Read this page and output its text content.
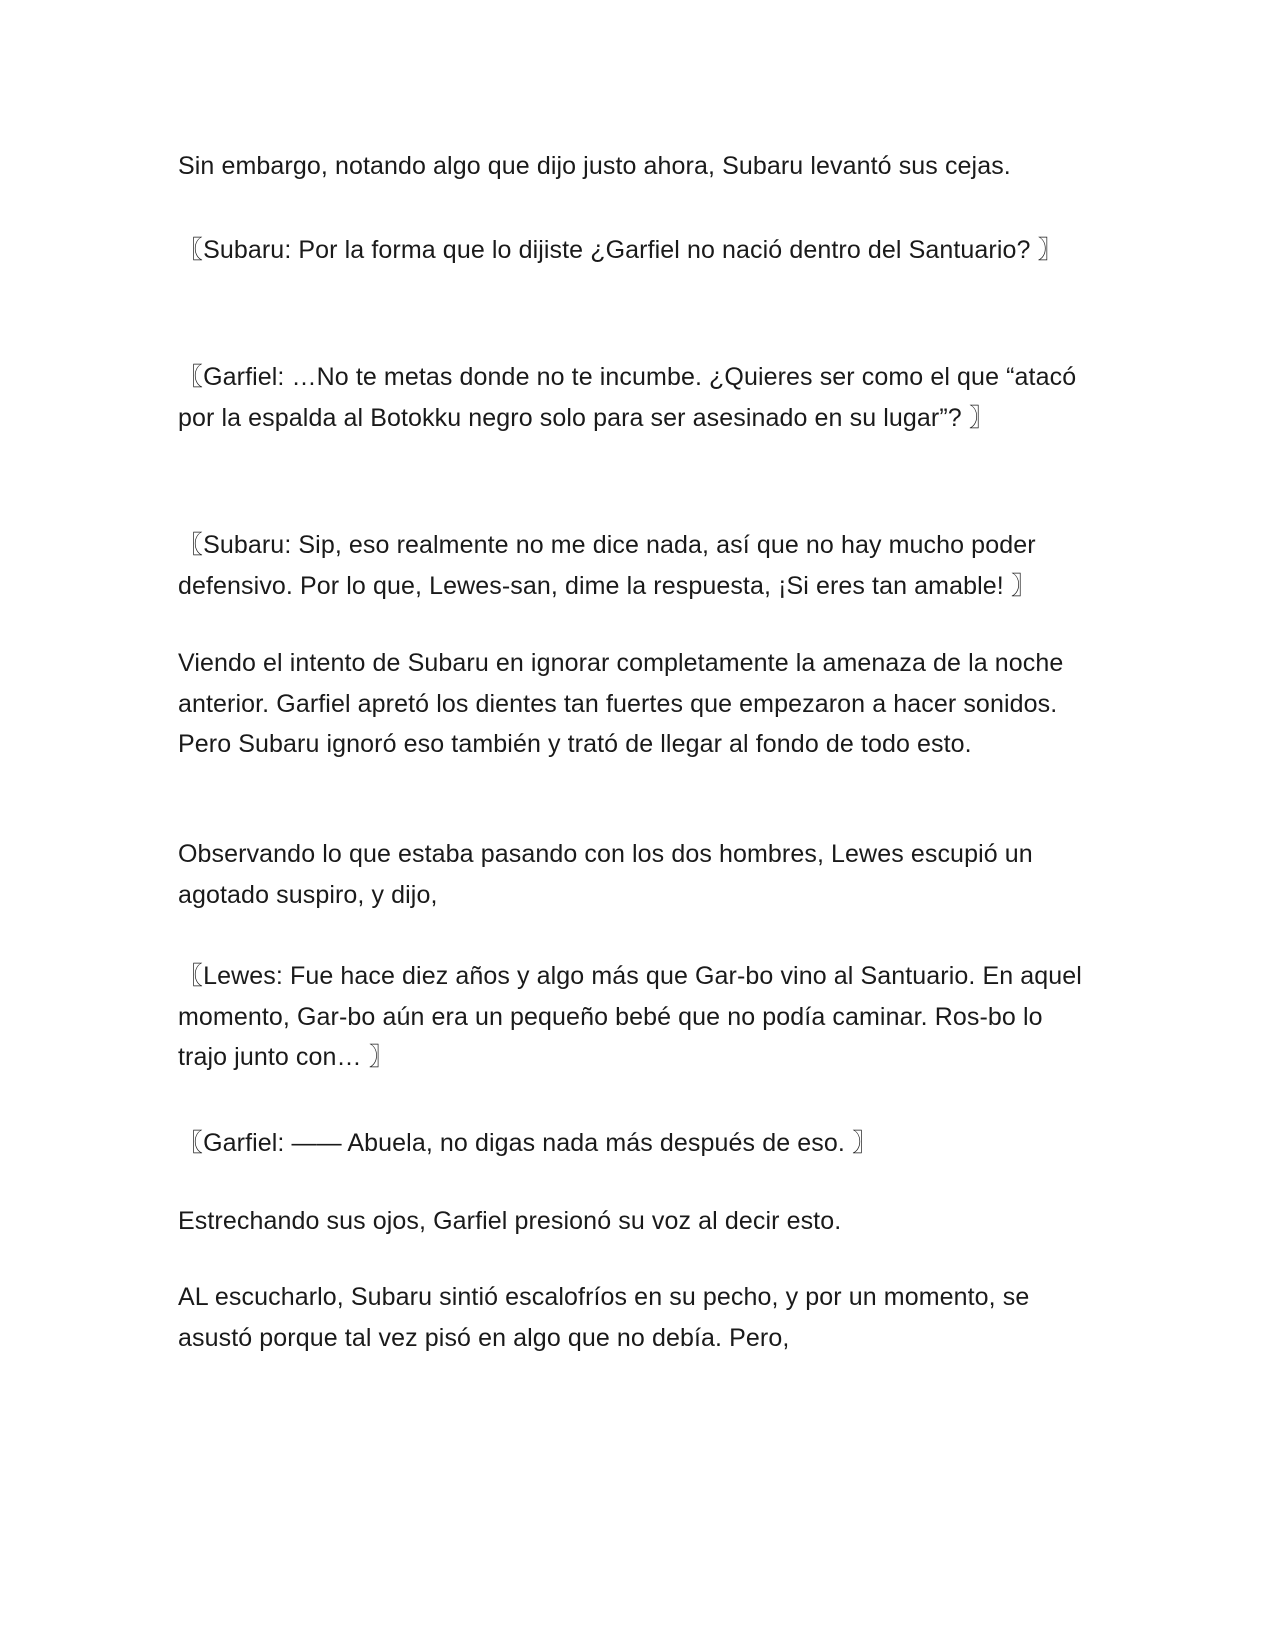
Sin embargo, notando algo que dijo justo ahora, Subaru levantó sus cejas.

〖Subaru: Por la forma que lo dijiste ¿Garfiel no nació dentro del Santuario? 〗

〖Garfiel: …No te metas donde no te incumbe. ¿Quieres ser como el que “atacó por la espalda al Botokku negro solo para ser asesinado en su lugar”? 〗

〖Subaru: Sip, eso realmente no me dice nada, así que no hay mucho poder defensivo. Por lo que, Lewes-san, dime la respuesta, ¡Si eres tan amable! 〗

Viendo el intento de Subaru en ignorar completamente la amenaza de la noche anterior. Garfiel apretó los dientes tan fuertes que empezaron a hacer sonidos. Pero Subaru ignoró eso también y trató de llegar al fondo de todo esto.

Observando lo que estaba pasando con los dos hombres, Lewes escupió un agotado suspiro, y dijo,

〖Lewes: Fue hace diez años y algo más que Gar-bo vino al Santuario. En aquel momento, Gar-bo aún era un pequeño bebé que no podía caminar. Ros-bo lo trajo junto con… 〗

〖Garfiel: —— Abuela, no digas nada más después de eso. 〗

Estrechando sus ojos, Garfiel presionó su voz al decir esto.

AL escucharlo, Subaru sintió escalofríos en su pecho, y por un momento, se asustó porque tal vez pisó en algo que no debía. Pero,
